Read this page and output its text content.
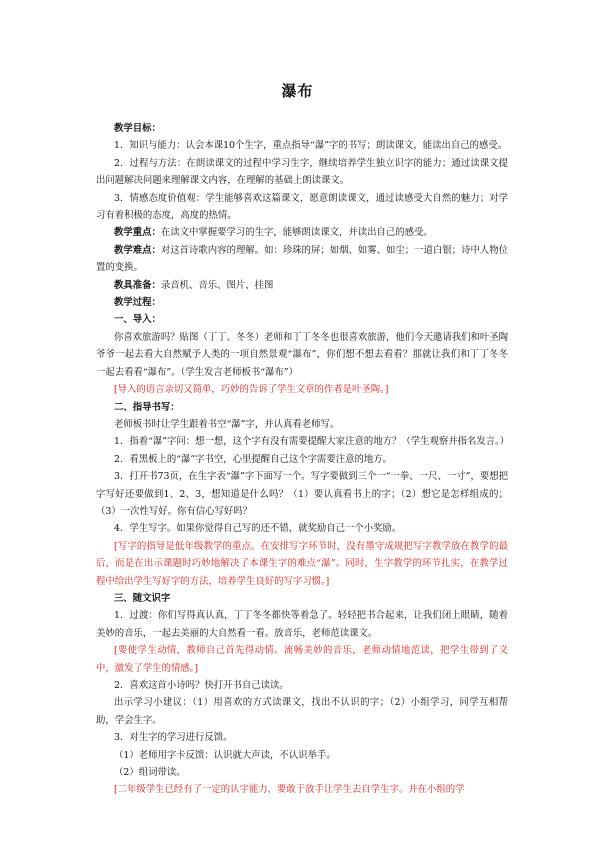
瀑布

教学目标：

1．知识与能力：认会本课10个生字，重点指导“瀑”字的书写；朗读课文，能读出自己的感受。

2．过程与方法：在朗读课文的过程中学习生字，继续培养学生独立识字的能力；通过读课文提出问题解决问题来理解课文内容，在理解的基础上朗读课文。

3．情感态度价值观：学生能够喜欢这篇课文，愿意朗读课文，通过读感受大自然的魅力；对学习有着积极的态度，高度的热情。

教学重点：在读文中掌握要学习的生字，能够朗读课文，并读出自己的感受。

教学难点：对这首诗歌内容的理解。如：珍珠的屏；如烟、如雾、如尘；一道白银；诗中人物位置的变换。

教具准备：录音机、音乐、图片、挂图

教学过程：

一、导入：

你喜欢旅游吗？贴图（丁丁、冬冬）老师和丁丁冬冬也很喜欢旅游，他们今天邀请我们和叶圣陶爷爷一起去看大自然赋予人类的一项自然景观“瀑布”，你们想不想去看看？那就让我们和丁丁冬冬一起去看看“瀑布”。（学生发言老师板书“瀑布”）

[导入的语言亲切又简单，巧妙的告诉了学生文章的作者是叶圣陶。]

二、指导书写：

老师板书时让学生跟着书空“瀑”字，并认真看老师写。

1．指着“瀑”字问：想一想，这个字有没有需要提醒大家注意的地方？（学生观察并指名发言。）

2．看黑板上的“瀑”字书空，心里提醒自己这个字需要注意的地方。

3．打开书73页，在生字表“瀑”字下面写一个。写字要做到三个一“一拳、一尺、一寸”，要想把字写好还要做到1、2、3，想知道是什么吗？（1）要认真看书上的字；（2）想它是怎样组成的；（3）一次性写好。你有信心写好吗？

4．学生写字。如果你觉得自己写的还不错，就奖励自己一个小奖励。

[写字的指导是低年级教学的重点。在安排写字环节时，没有墨守成规把写字教学放在教学的最后，而是在出示课题时巧妙地解决了本课生字的难点“瀑”。同时，生字教学的环节扎实，在教学过程中给出学生写好字的方法，培养学生良好的写字习惯。]

三、随文识字

1．过渡：你们写得真认真，丁丁冬冬都快等着急了。轻轻把书合起来，让我们闭上眼睛，随着美妙的音乐，一起去美丽的大自然看一看。放音乐，老师范读课文。

[要使学生动情，教师自己首先得动情。流畅美妙的音乐，老师动情地范读，把学生带到了文中，激发了学生的情感。]

2．喜欢这首小诗吗？快打开书自己读读。

出示学习小建议：（1）用喜欢的方式读课文，找出不认识的字；（2）小组学习，同学互相帮助，学会生字。

3．对生字的学习进行反馈。

（1）老师用字卡反馈：认识就大声读，不认识举手。

（2）组词带读。

[二年级学生已经有了一定的认字能力，要敢于放手让学生去自学生字。并在小组的学
